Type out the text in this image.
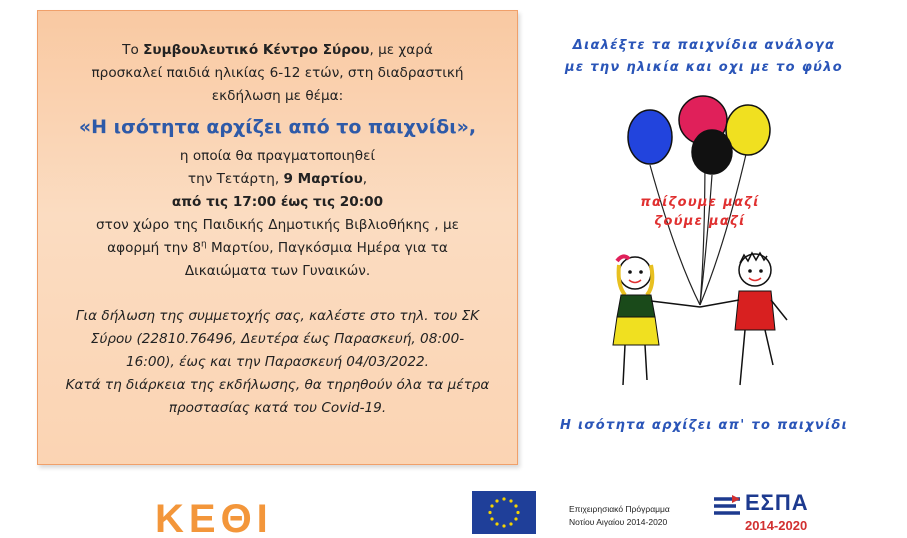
Το Συμβουλευτικό Κέντρο Σύρου, με χαρά

προσκαλεί παιδιά ηλικίας 6-12 ετών, στη διαδραστική

εκδήλωση με θέμα:

«Η ισότητα αρχίζει από το παιχνίδι»,

η οποία θα πραγματοποιηθεί

την Τετάρτη, 9 Μαρτίου,

από τις 17:00 έως τις 20:00

στον χώρο της Παιδικής Δημοτικής Βιβλιοθήκης , με

αφορμή την $8^\eta$ Μαρτίου, Παγκόσμια Ημέρα για τα

Δικαιώματα των Γυναικών.

Για δήλωση της συμμετοχής σας, καλέστε στο τηλ. του ΣΚ

Σύρου (22810.76496, Δευτέρα έως Παρασκευή, 08:00-

16:00), έως και την Παρασκευή 04/03/2022.

Κατά τη διάρκεια της εκδήλωσης, θα τηρηθούν όλα τα μέτρα

προστασίας κατά του Covid-19.

Διαλέξτε τα παιχνίδια ανάλογα
με την ηλικία και οχι με το φύλο
παίζουμε μαζί
ζούμε μαζί
Η ισότητα αρχίζει απ' το παιχνίδι
ΚΕΘΙ	Επιχειρησιακό Πρόγραμμα
Νοτίου Αιγαίου 2014-2020
ΕΣΠΑ
2014-2020
